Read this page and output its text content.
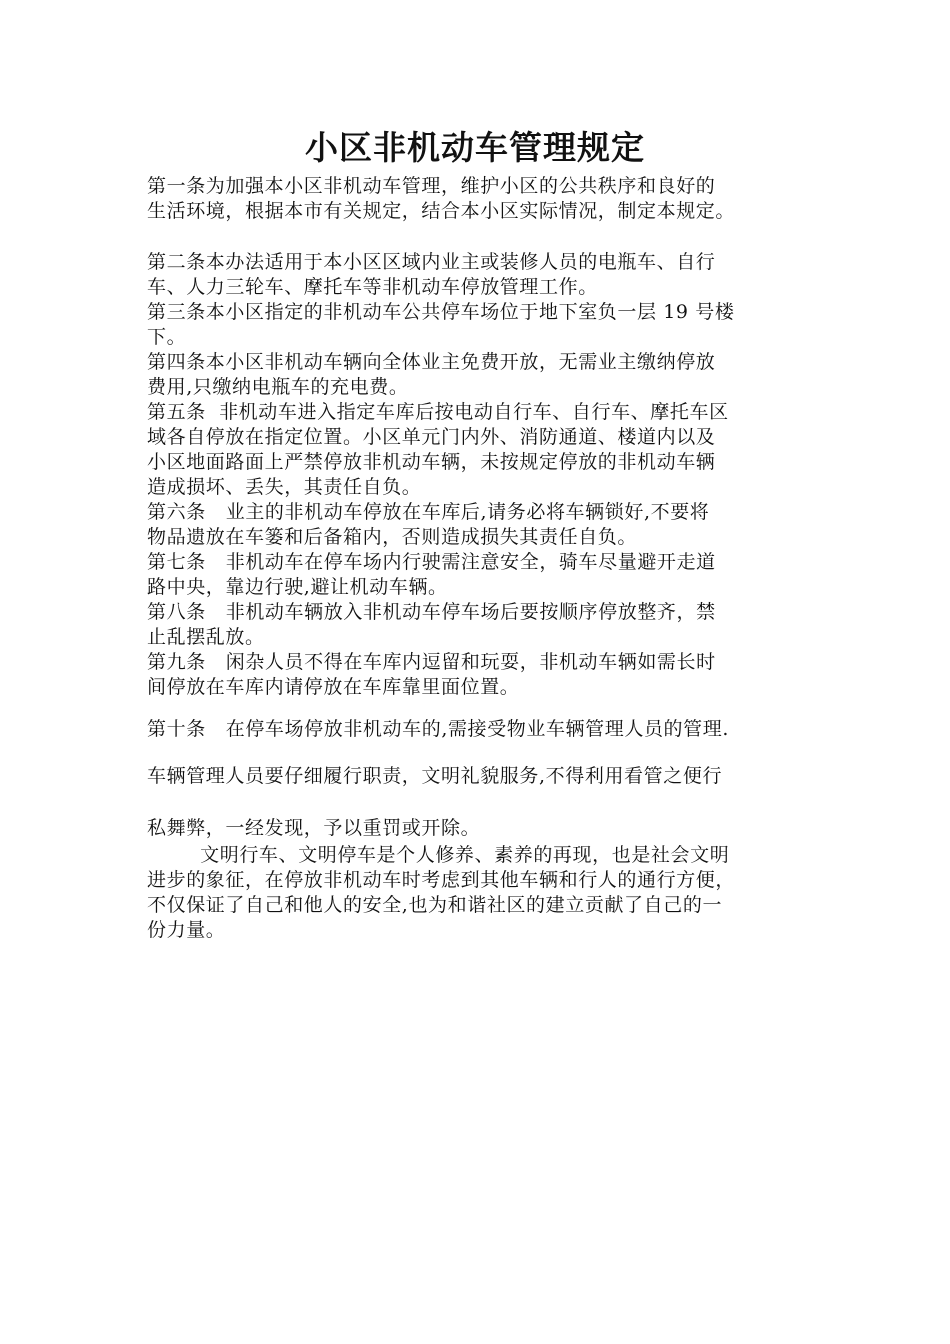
小区非机动车管理规定

第一条为加强本小区非机动车管理，维护小区的公共秩序和良好的

生活环境，根据本市有关规定，结合本小区实际情况，制定本规定。

第二条本办法适用于本小区区域内业主或装修人员的电瓶车、自行

车、人力三轮车、摩托车等非机动车停放管理工作。

第三条本小区指定的非机动车公共停车场位于地下室负一层 19 号楼

下。

第四条本小区非机动车辆向全体业主免费开放，无需业主缴纳停放

费用,只缴纳电瓶车的充电费。

第五条  非机动车进入指定车库后按电动自行车、自行车、摩托车区

域各自停放在指定位置。小区单元门内外、消防通道、楼道内以及

小区地面路面上严禁停放非机动车辆，未按规定停放的非机动车辆

造成损坏、丢失，其责任自负。

第六条   业主的非机动车停放在车库后,请务必将车辆锁好,不要将

物品遗放在车篓和后备箱内，否则造成损失其责任自负。

第七条   非机动车在停车场内行驶需注意安全，骑车尽量避开走道

路中央，靠边行驶,避让机动车辆。

第八条   非机动车辆放入非机动车停车场后要按顺序停放整齐，禁

止乱摆乱放。

第九条   闲杂人员不得在车库内逗留和玩耍，非机动车辆如需长时

间停放在车库内请停放在车库靠里面位置。

第十条   在停车场停放非机动车的,需接受物业车辆管理人员的管理.

车辆管理人员要仔细履行职责，文明礼貌服务,不得利用看管之便行

私舞弊，一经发现，予以重罚或开除。

文明行车、文明停车是个人修养、素养的再现，也是社会文明

进步的象征，在停放非机动车时考虑到其他车辆和行人的通行方便，

不仅保证了自己和他人的安全,也为和谐社区的建立贡献了自己的一

份力量。
